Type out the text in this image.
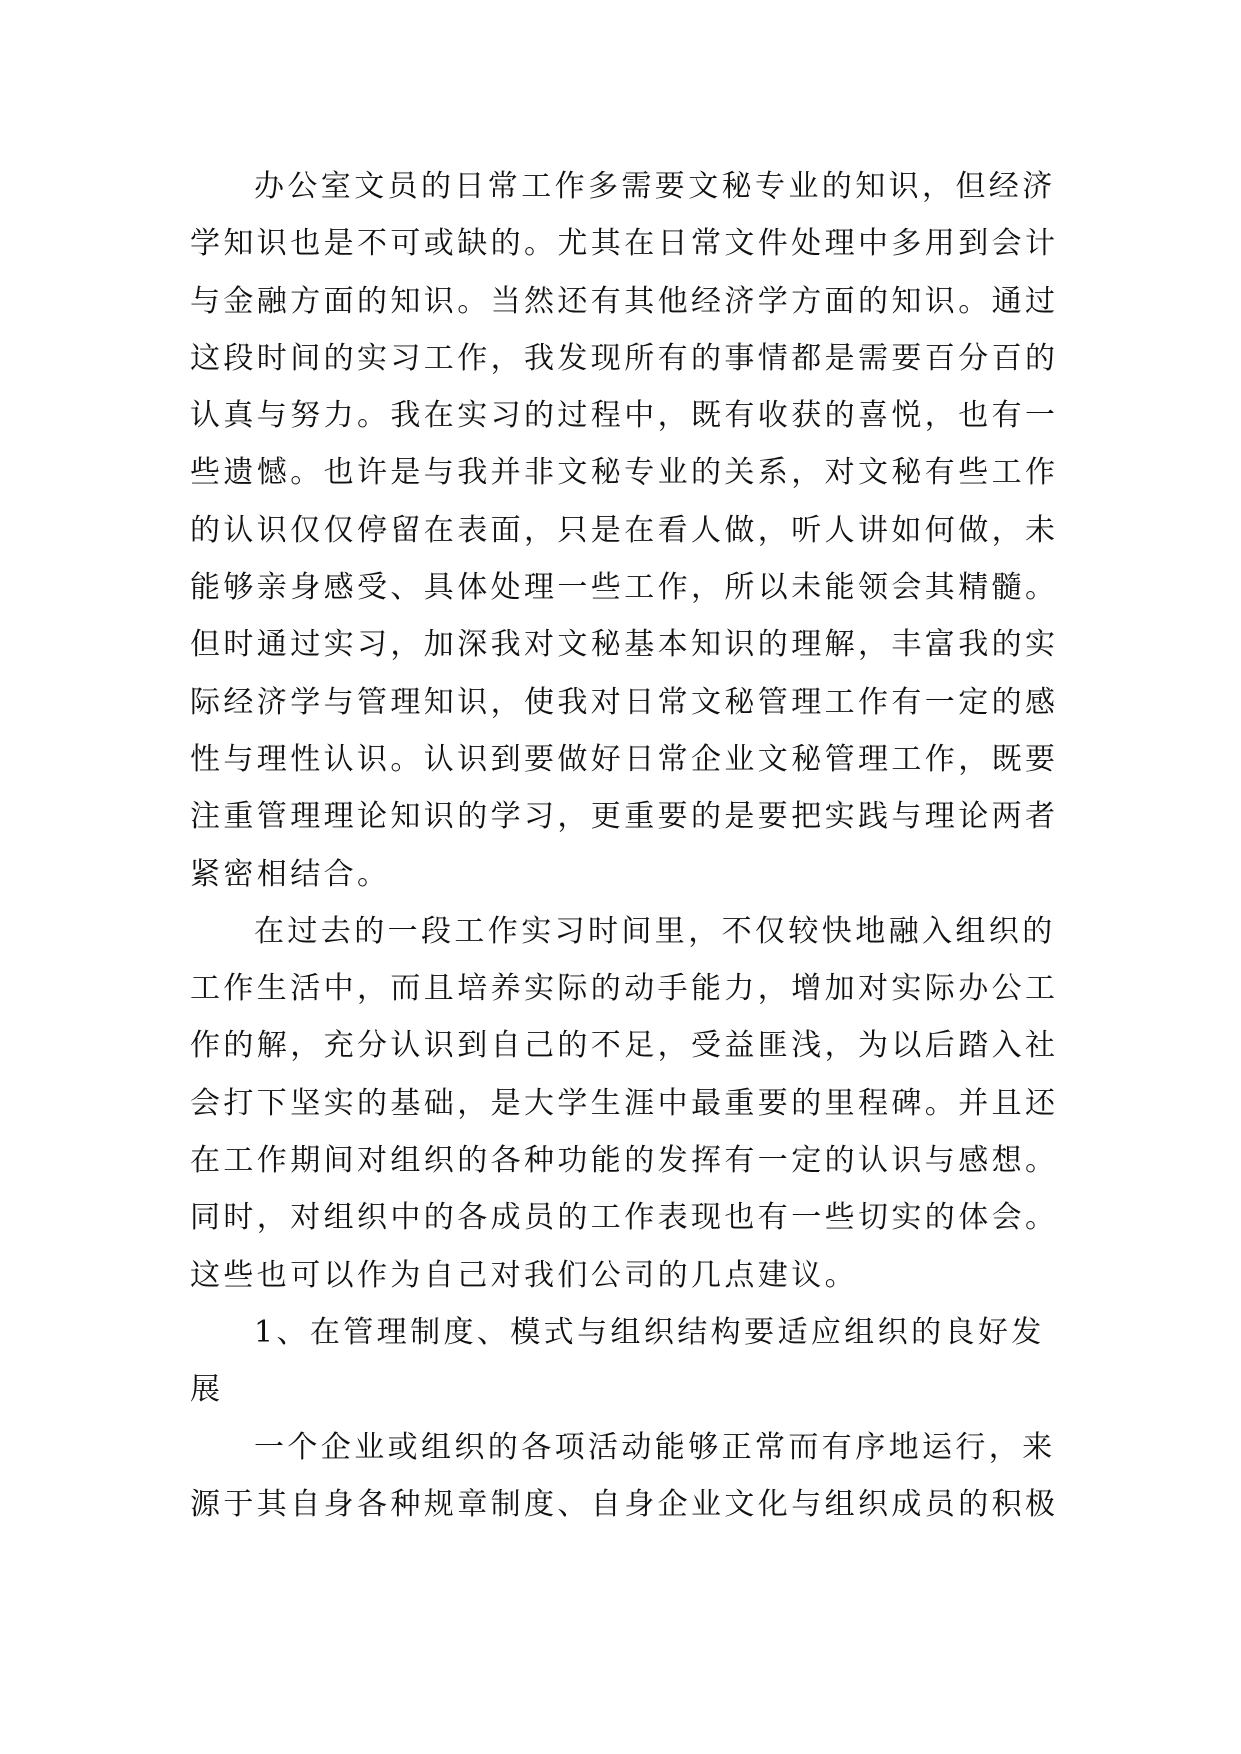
办公室文员的日常工作多需要文秘专业的知识，但经济
学知识也是不可或缺的。尤其在日常文件处理中多用到会计
与金融方面的知识。当然还有其他经济学方面的知识。通过
这段时间的实习工作，我发现所有的事情都是需要百分百的
认真与努力。我在实习的过程中，既有收获的喜悦，也有一
些遗憾。也许是与我并非文秘专业的关系，对文秘有些工作
的认识仅仅停留在表面，只是在看人做，听人讲如何做，未
能够亲身感受、具体处理一些工作，所以未能领会其精髓。
但时通过实习，加深我对文秘基本知识的理解，丰富我的实
际经济学与管理知识，使我对日常文秘管理工作有一定的感
性与理性认识。认识到要做好日常企业文秘管理工作，既要
注重管理理论知识的学习，更重要的是要把实践与理论两者
紧密相结合。
在过去的一段工作实习时间里，不仅较快地融入组织的
工作生活中，而且培养实际的动手能力，增加对实际办公工
作的解，充分认识到自己的不足，受益匪浅，为以后踏入社
会打下坚实的基础，是大学生涯中最重要的里程碑。并且还
在工作期间对组织的各种功能的发挥有一定的认识与感想。
同时，对组织中的各成员的工作表现也有一些切实的体会。
这些也可以作为自己对我们公司的几点建议。
1、在管理制度、模式与组织结构要适应组织的良好发
展
一个企业或组织的各项活动能够正常而有序地运行，来
源于其自身各种规章制度、自身企业文化与组织成员的积极
